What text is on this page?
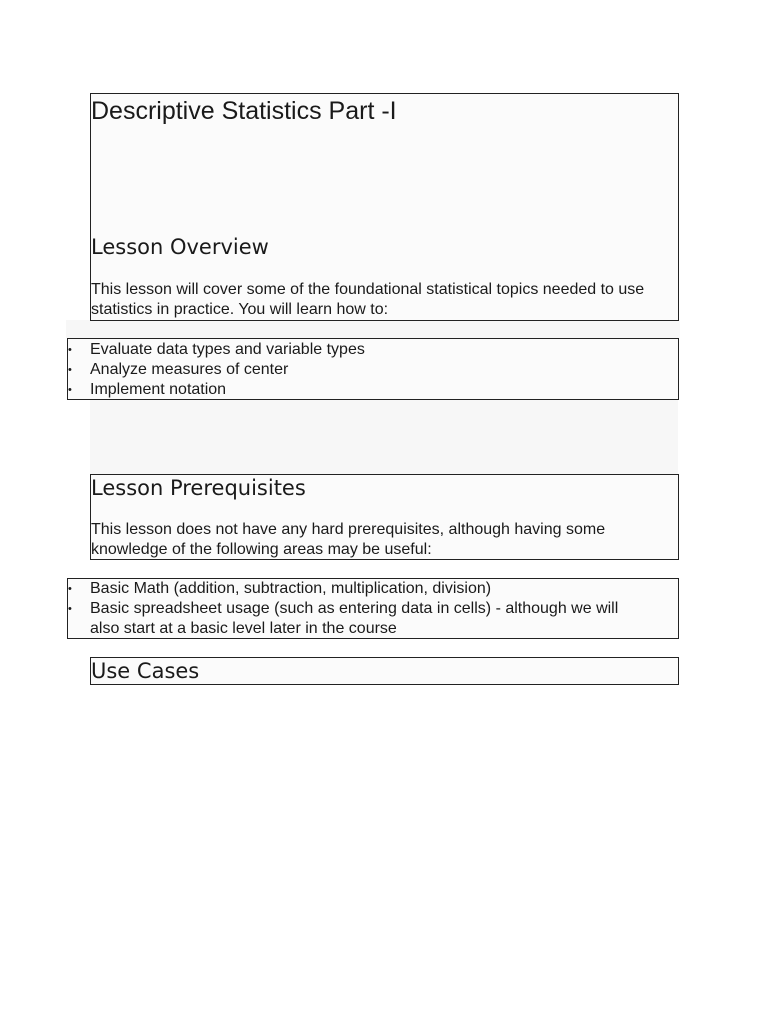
Descriptive Statistics Part -I
Lesson Overview

This lesson will cover some of the foundational statistical topics needed to use statistics in practice. You will learn how to:

• Evaluate data types and variable types
• Analyze measures of center
• Implement notation
Lesson Prerequisites

This lesson does not have any hard prerequisites, although having some knowledge of the following areas may be useful:

• Basic Math (addition, subtraction, multiplication, division)
• Basic spreadsheet usage (such as entering data in cells) - although we will also start at a basic level later in the course
Use Cases
